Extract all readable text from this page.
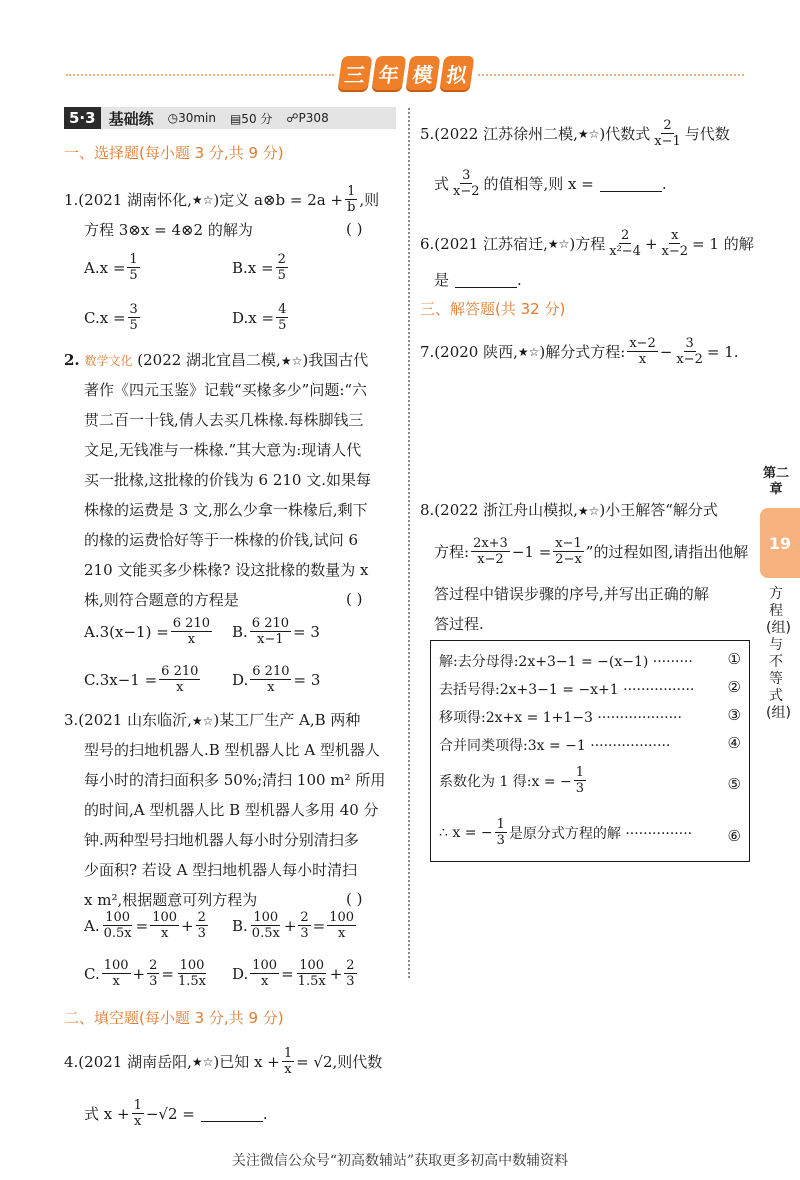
三 年 模 拟
5·3 基础练 ◷30min ▤50 分 ☍P308
一、选择题(每小题 3 分,共 9 分)
1.(2021 湖南怀化, ★☆ )定义 a⊗b = $2a + \frac{1}{b}$ ,则
方程 3⊗x = 4⊗2 的解为	( )
$A.x = \frac{1}{5}$	$B.x = \frac{2}{5}$
$C.x = \frac{3}{5}$	$D.x = \frac{4}{5}$
2. 数学文化 (2022 湖北宜昌二模,★☆)我国古代
著作《四元玉鉴》记载“买椽多少”问题:“六
贯二百一十钱,倩人去买几株椽.每株脚钱三
文足,无钱准与一株椽.”其大意为:现请人代
买一批椽,这批椽的价钱为 6 210 文.如果每
株椽的运费是 3 文,那么少拿一株椽后,剩下
的椽的运费恰好等于一株椽的价钱,试问 6
210 文能买多少株椽? 设这批椽的数量为 x
株,则符合题意的方程是	( )
$A.3(x-1) = \frac{6 210}{x} B$. $\frac{6 210}{x-1} = 3$
$C.3x-1 = \frac{6 210}{x} D$. $\frac{6 210}{x} = 3$
3.(2021 山东临沂,★☆)某工厂生产 A,B 两种
型号的扫地机器人.B 型机器人比 A 型机器人
每小时的清扫面积多 50%;清扫 100 m² 所用
的时间,A 型机器人比 B 型机器人多用 40 分
钟.两种型号扫地机器人每小时分别清扫多
少面积? 若设 A 型扫地机器人每小时清扫
x m²,根据题意可列方程为	( )
A. $\frac{100}{0.5x} = \frac{100}{x} + \frac{2}{3} B$. $\frac{100}{0.5x} + \frac{2}{3} = \frac{100}{x}$
C. $\frac{100}{x} + \frac{2}{3} = \frac{100}{1.5x} D$. $\frac{100}{x} = \frac{100}{1.5x} + \frac{2}{3}$
二、填空题(每小题 3 分,共 9 分)
4.(2021 湖南岳阳, ★☆ )已知 $x + \frac{1}{x} = √2$,则代数
式 $x + \frac{1}{x} -√2$ =	.
5.(2022 江苏徐州二模, ★☆ )代数式 $\frac{2}{x-1}$ 与代数
式 $\frac{3}{x-2}$ 的值相等,则 x =	.
6.(2021 江苏宿迁, ★☆ )方程 $\frac{2}{\text{x²−4}} + \frac{x}{x-2} = 1$ 的解
是	.
三、解答题(共 32 分)
7.(2020 陕西, ★☆ )解分式方程: $\frac{x-2}{x} - \frac{3}{x-2} = 1$.
8.(2022 浙江舟山模拟,★☆)小王解答“解分式
方程: $\frac{2x+3}{x-2} -1 = \frac{x-1}{2-x}$ ”的过程如图,请指出他解
答过程中错误步骤的序号,并写出正确的解
答过程.
解:去分母得:2x+3−1 = −(x−1) ········· ①
去括号得:2x+3−1 = −x+1 ················ ②
移项得:2x+x = 1+1−3 ···················	③
合并同类项得:3x = −1 ··················	④
系数化为 1 得:x = − $\frac{1}{3}$	⑤
∴ x = − $\frac{1}{3}$ 是原分式方程的解 ··············· ⑥
第二章
19
方程(组)与不等式(组)
关注微信公众号“初高数辅站”获取更多初高中数辅资料
